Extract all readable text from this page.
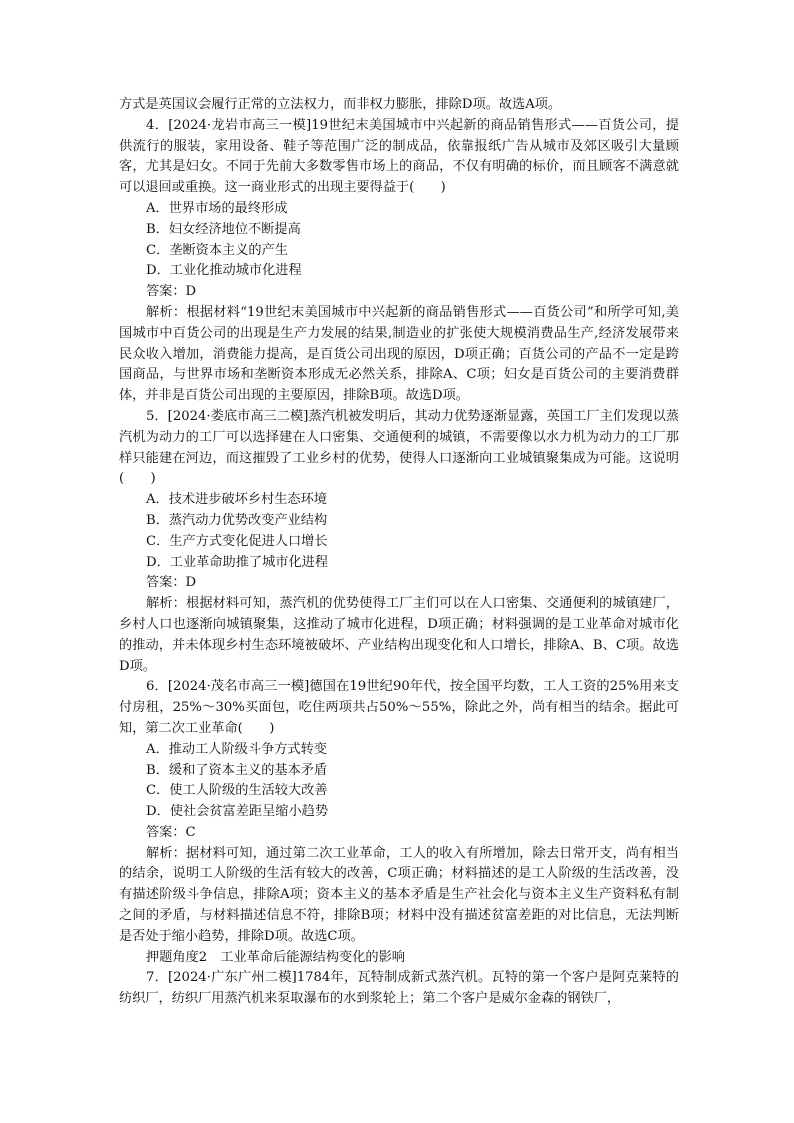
方式是英国议会履行正常的立法权力，而非权力膨胀，排除D项。故选A项。

4．[2024·龙岩市高三一模]19世纪末美国城市中兴起新的商品销售形式——百货公司，提供流行的服装，家用设备、鞋子等范围广泛的制成品，依靠报纸广告从城市及郊区吸引大量顾客，尤其是妇女。不同于先前大多数零售市场上的商品，不仅有明确的标价，而且顾客不满意就可以退回或重换。这一商业形式的出现主要得益于(　　)

A．世界市场的最终形成

B．妇女经济地位不断提高

C．垄断资本主义的产生

D．工业化推动城市化进程

答案：D

解析：根据材料“19世纪末美国城市中兴起新的商品销售形式——百货公司”和所学可知,美国城市中百货公司的出现是生产力发展的结果,制造业的扩张使大规模消费品生产,经济发展带来民众收入增加，消费能力提高，是百货公司出现的原因，D项正确；百货公司的产品不一定是跨国商品，与世界市场和垄断资本形成无必然关系，排除A、C项；妇女是百货公司的主要消费群体，并非是百货公司出现的主要原因，排除B项。故选D项。

5．[2024·娄底市高三二模]蒸汽机被发明后，其动力优势逐渐显露，英国工厂主们发现以蒸汽机为动力的工厂可以选择建在人口密集、交通便利的城镇，不需要像以水力机为动力的工厂那样只能建在河边，而这摧毁了工业乡村的优势，使得人口逐渐向工业城镇聚集成为可能。这说明(　　)

A．技术进步破坏乡村生态环境

B．蒸汽动力优势改变产业结构

C．生产方式变化促进人口增长

D．工业革命助推了城市化进程

答案：D

解析：根据材料可知，蒸汽机的优势使得工厂主们可以在人口密集、交通便利的城镇建厂，乡村人口也逐渐向城镇聚集，这推动了城市化进程，D项正确；材料强调的是工业革命对城市化的推动，并未体现乡村生态环境被破坏、产业结构出现变化和人口增长，排除A、B、C项。故选D项。

6．[2024·茂名市高三一模]德国在19世纪90年代，按全国平均数，工人工资的25%用来支付房租，25%～30%买面包，吃住两项共占50%～55%，除此之外，尚有相当的结余。据此可知，第二次工业革命(　　)

A．推动工人阶级斗争方式转变

B．缓和了资本主义的基本矛盾

C．使工人阶级的生活较大改善

D．使社会贫富差距呈缩小趋势

答案：C

解析：据材料可知，通过第二次工业革命，工人的收入有所增加，除去日常开支，尚有相当的结余，说明工人阶级的生活有较大的改善，C项正确；材料描述的是工人阶级的生活改善，没有描述阶级斗争信息，排除A项；资本主义的基本矛盾是生产社会化与资本主义生产资料私有制之间的矛盾，与材料描述信息不符，排除B项；材料中没有描述贫富差距的对比信息，无法判断是否处于缩小趋势，排除D项。故选C项。

押题角度2　工业革命后能源结构变化的影响

7．[2024·广东广州二模]1784年，瓦特制成新式蒸汽机。瓦特的第一个客户是阿克莱特的纺织厂，纺织厂用蒸汽机来泵取瀑布的水到浆轮上；第二个客户是威尔金森的钢铁厂，
